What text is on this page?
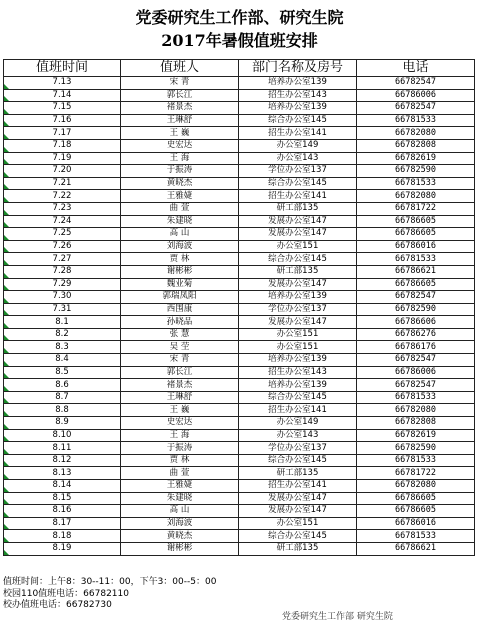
党委研究生工作部、研究生院
2017年暑假值班安排
值班时间	值班人	部门名称及房号	电话

7.13	宋 青	培养办公室139	66782547

7.14	郭长江	招生办公室143	66786006

7.15	褚景杰	培养办公室139	66782547

7.16	王琳舒	综合办公室145	66781533

7.17	王 巍	招生办公室141	66782080

7.18	史宏达	办公室149	66782808

7.19	王 海	办公室143	66782619

7.20	于振涛	学位办公室137	66782590

7.21	黄晓杰	综合办公室145	66781533

7.22	王雅婕	招生办公室141	66782080

7.23	曲 萱	研工部135	66781722

7.24	朱建晓	发展办公室147	66786605

7.25	高 山	发展办公室147	66786605

7.26	刘海波	办公室151	66786016

7.27	贾 林	综合办公室145	66781533

7.28	谢彬彬	研工部135	66786621

7.29	魏业菊	发展办公室147	66786605

7.30	郭瑞凤阳	培养办公室139	66782547

7.31	西围康	学位办公室137	66782590

8.1	孙晓品	发展办公室147	66786606

8.2	张 慧	办公室151	66786276

8.3	吴 茔	办公室151	66786176

8.4	宋 青	培养办公室139	66782547

8.5	郭长江	招生办公室143	66786006

8.6	褚景杰	培养办公室139	66782547

8.7	王琳舒	综合办公室145	66781533

8.8	王 巍	招生办公室141	66782080

8.9	史宏达	办公室149	66782808

8.10	王 海	办公室143	66782619

8.11	于振涛	学位办公室137	66782590

8.12	贾 林	综合办公室145	66781533

8.13	曲 萱	研工部135	66781722

8.14	王雅婕	招生办公室141	66782080

8.15	朱建晓	发展办公室147	66786605

8.16	高 山	发展办公室147	66786605

8.17	刘海波	办公室151	66786016

8.18	黄晓杰	综合办公室145	66781533

8.19	谢彬彬	研工部135	66786621
值班时间：上午8：30--11：00，下午3：00--5：00
校园110值班电话：66782110
校办值班电话：66782730
党委研究生工作部 研究生院
